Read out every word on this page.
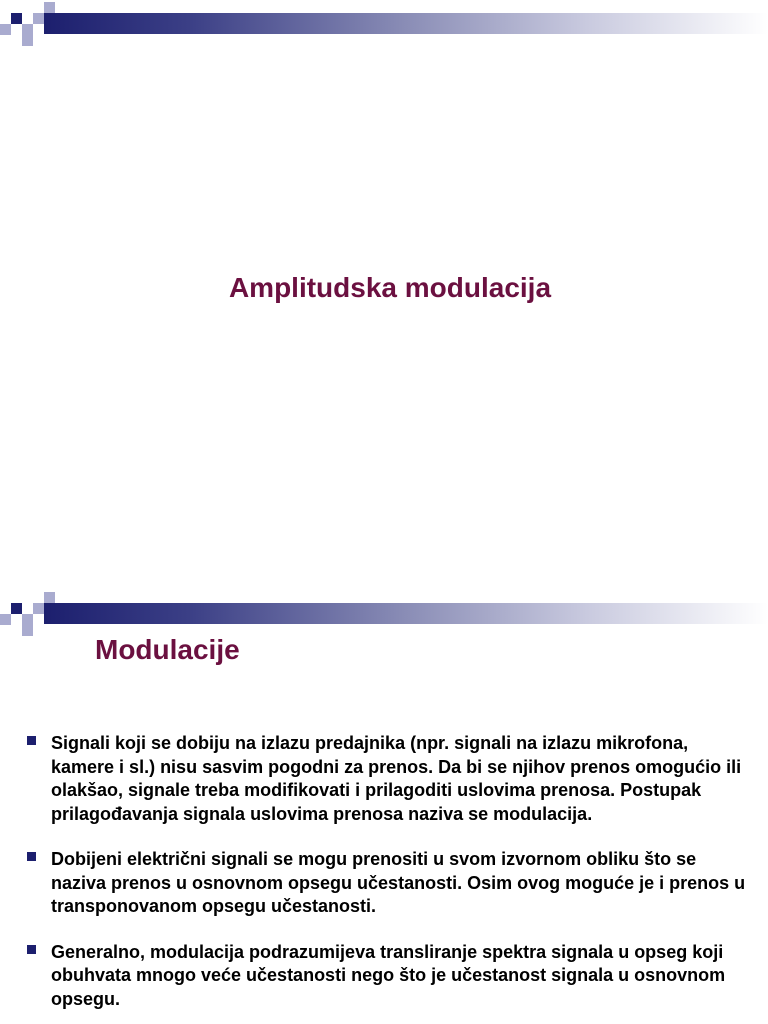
Amplitudska modulacija
Modulacije
Signali koji se dobiju na izlazu predajnika (npr. signali na izlazu mikrofona, kamere i sl.) nisu sasvim pogodni za prenos. Da bi se njihov prenos omogućio ili olakšao, signale treba modifikovati i prilagoditi uslovima prenosa. Postupak prilagođavanja signala uslovima prenosa naziva se modulacija.
Dobijeni električni signali se mogu prenositi u svom izvornom obliku što se naziva prenos u osnovnom opsegu učestanosti. Osim ovog moguće je i prenos u transponovanom opsegu učestanosti.
Generalno, modulacija podrazumijeva transliranje spektra signala u opseg koji obuhvata mnogo veće učestanosti nego što je učestanost signala u osnovnom opsegu.
